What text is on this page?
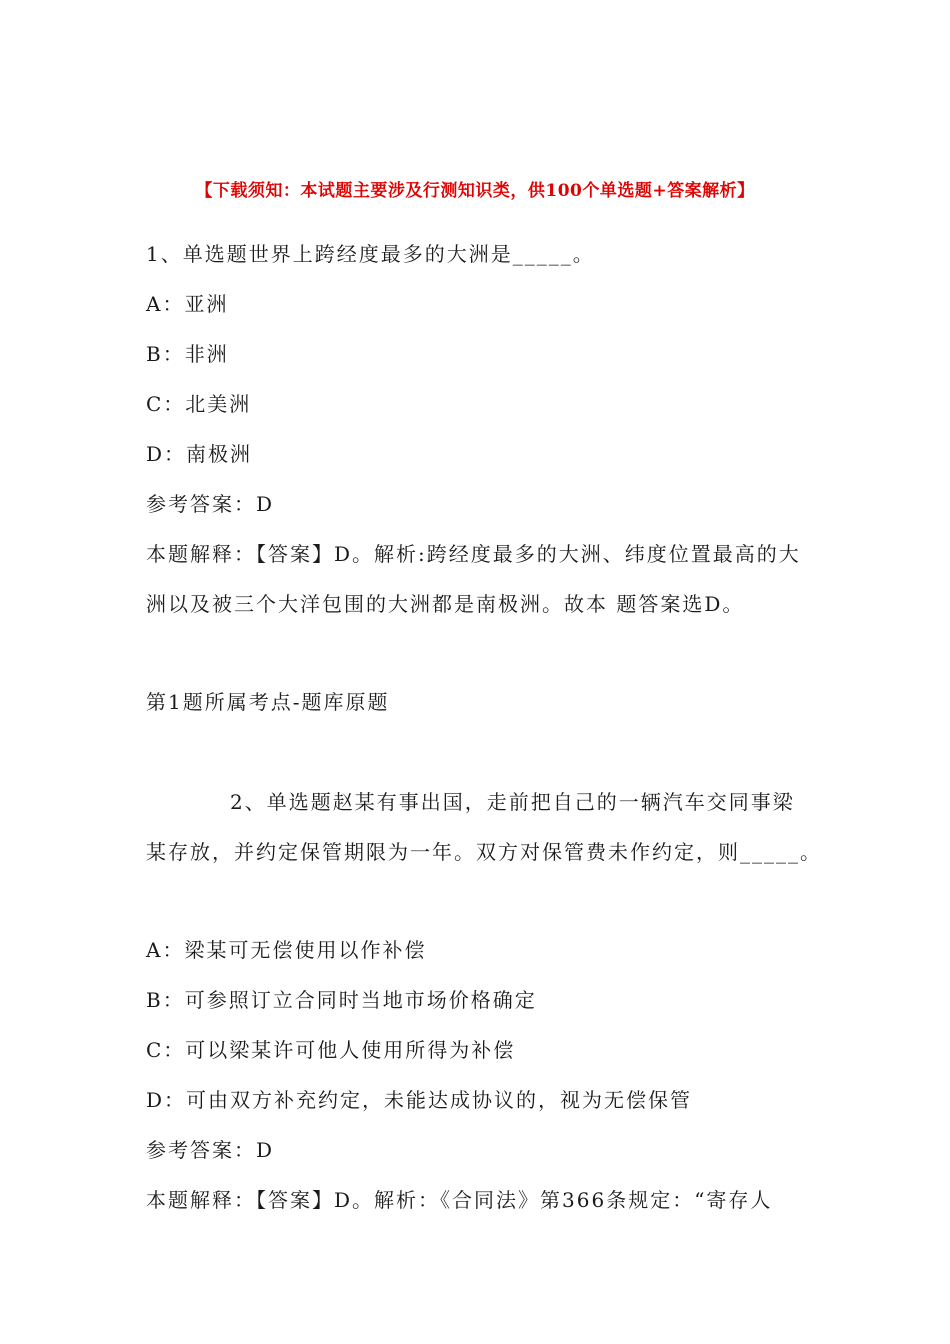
【下载须知：本试题主要涉及行测知识类，供100个单选题+答案解析】
1、单选题世界上跨经度最多的大洲是_____。
A：亚洲
B：非洲
C：北美洲
D：南极洲
参考答案：D
本题解释：【答案】D。解析:跨经度最多的大洲、纬度位置最高的大
洲以及被三个大洋包围的大洲都是南极洲。故本 题答案选D。
第1题所属考点-题库原题
2、单选题赵某有事出国，走前把自己的一辆汽车交同事梁
某存放，并约定保管期限为一年。双方对保管费未作约定，则_____。
A：梁某可无偿使用以作补偿
B：可参照订立合同时当地市场价格确定
C：可以梁某许可他人使用所得为补偿
D：可由双方补充约定，未能达成协议的，视为无偿保管
参考答案：D
本题解释：【答案】D。解析：《合同法》第366条规定：“寄存人
